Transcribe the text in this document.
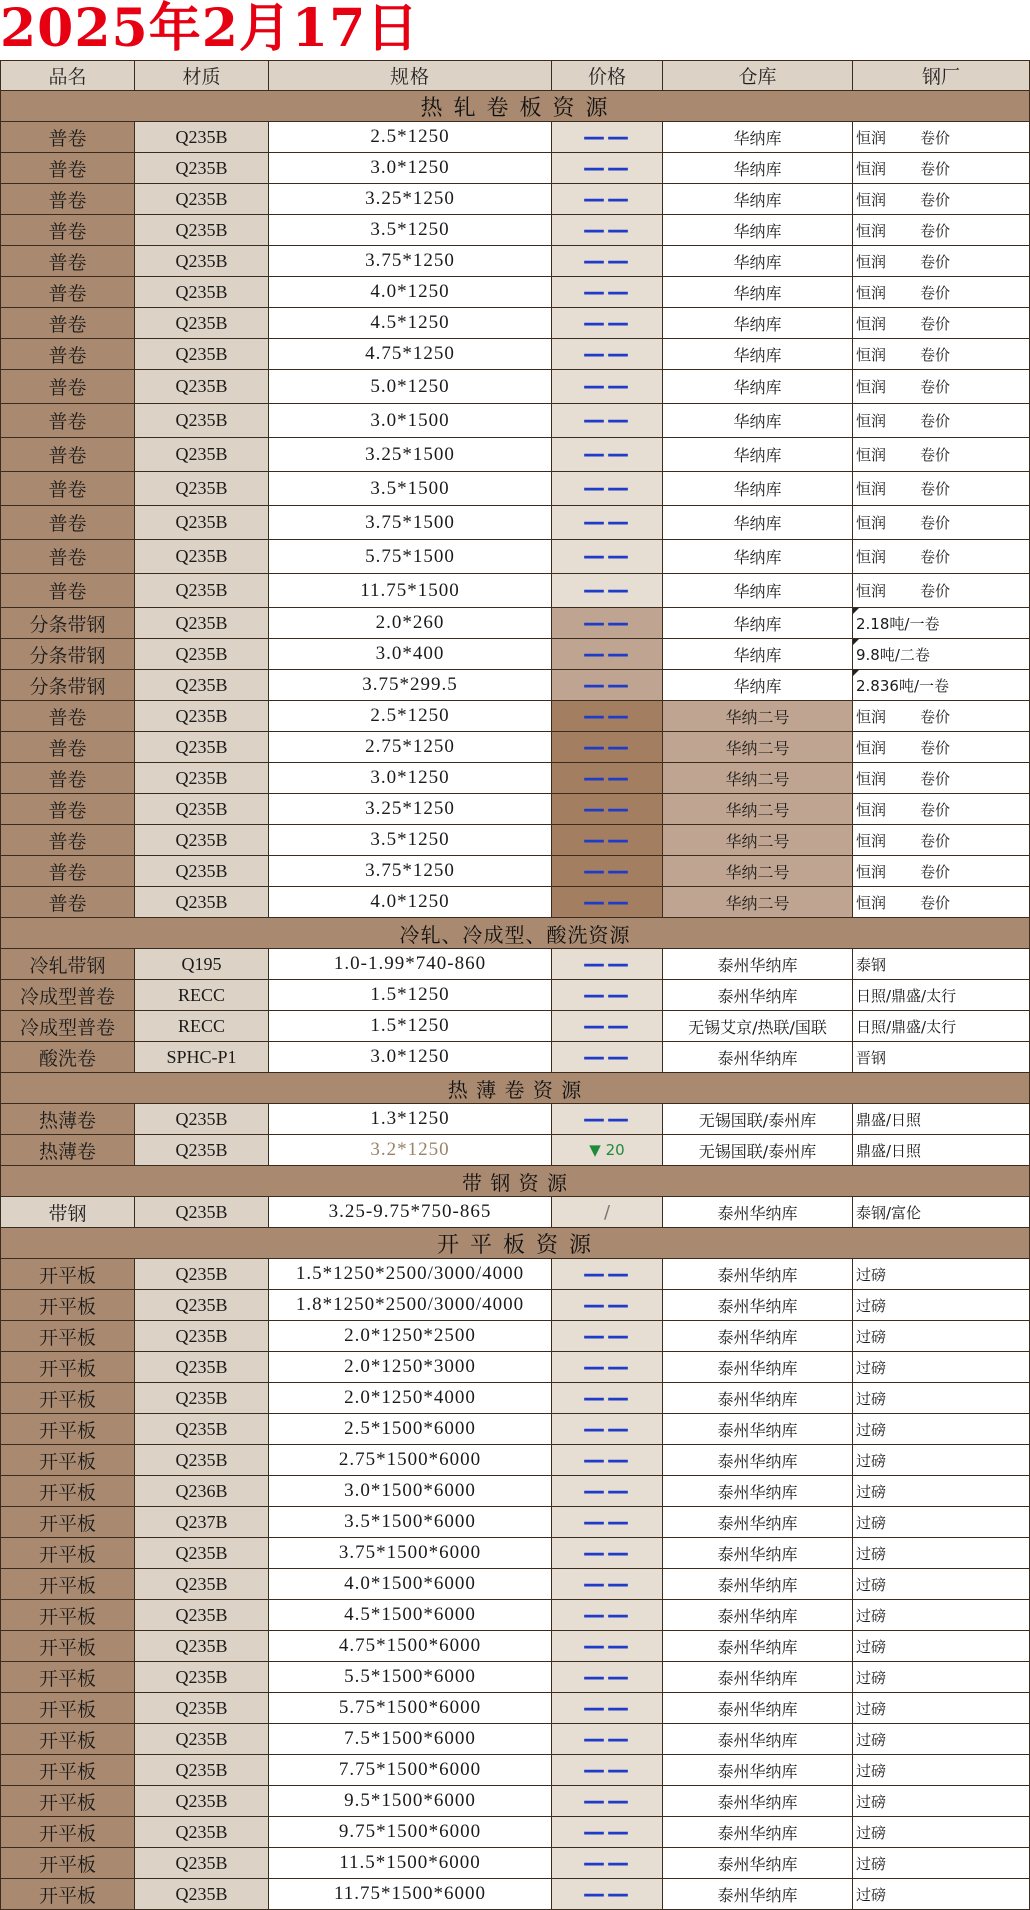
2025年2月17日
品名	材质	规格	价格	仓库	钢厂
热 轧 卷 板 资 源
普卷	Q235B	2.5*1250	——	华纳库	恒润	卷价
普卷	Q235B	3.0*1250	——	华纳库	恒润	卷价
普卷	Q235B	3.25*1250	——	华纳库	恒润	卷价
普卷	Q235B	3.5*1250	——	华纳库	恒润	卷价
普卷	Q235B	3.75*1250	——	华纳库	恒润	卷价
普卷	Q235B	4.0*1250	——	华纳库	恒润	卷价
普卷	Q235B	4.5*1250	——	华纳库	恒润	卷价
普卷	Q235B	4.75*1250	——	华纳库	恒润	卷价
普卷	Q235B	5.0*1250	——	华纳库	恒润	卷价
普卷	Q235B	3.0*1500	——	华纳库	恒润	卷价
普卷	Q235B	3.25*1500	——	华纳库	恒润	卷价
普卷	Q235B	3.5*1500	——	华纳库	恒润	卷价
普卷	Q235B	3.75*1500	——	华纳库	恒润	卷价
普卷	Q235B	5.75*1500	——	华纳库	恒润	卷价
普卷	Q235B	11.75*1500	——	华纳库	恒润	卷价
分条带钢	Q235B	2.0*260	——	华纳库	2.18吨/一卷
分条带钢	Q235B	3.0*400	——	华纳库	9.8吨/二卷
分条带钢	Q235B	3.75*299.5	——	华纳库	2.836吨/一卷
普卷	Q235B	2.5*1250	——	华纳二号	恒润	卷价
普卷	Q235B	2.75*1250	——	华纳二号	恒润	卷价
普卷	Q235B	3.0*1250	——	华纳二号	恒润	卷价
普卷	Q235B	3.25*1250	——	华纳二号	恒润	卷价
普卷	Q235B	3.5*1250	——	华纳二号	恒润	卷价
普卷	Q235B	3.75*1250	——	华纳二号	恒润	卷价
普卷	Q235B	4.0*1250	——	华纳二号	恒润	卷价
冷轧、冷成型、酸洗资源
冷轧带钢	Q195	1.0-1.99*740-860	——	泰州华纳库	泰钢
冷成型普卷	RECC	1.5*1250	——	泰州华纳库	日照/鼎盛/太行
冷成型普卷	RECC	1.5*1250	——	无锡艾京/热联/国联	日照/鼎盛/太行
酸洗卷	SPHC-P1	3.0*1250	——	泰州华纳库	晋钢
热 薄 卷 资 源
热薄卷	Q235B	1.3*1250	——	无锡国联/泰州库	鼎盛/日照
热薄卷	Q235B	3.2*1250	▼ 20	无锡国联/泰州库	鼎盛/日照
带 钢 资 源
带钢	Q235B	3.25-9.75*750-865	/	泰州华纳库	泰钢/富伦
开 平 板 资 源
开平板	Q235B	1.5*1250*2500/3000/4000	——	泰州华纳库	过磅
开平板	Q235B	1.8*1250*2500/3000/4000	——	泰州华纳库	过磅
开平板	Q235B	2.0*1250*2500	——	泰州华纳库	过磅
开平板	Q235B	2.0*1250*3000	——	泰州华纳库	过磅
开平板	Q235B	2.0*1250*4000	——	泰州华纳库	过磅
开平板	Q235B	2.5*1500*6000	——	泰州华纳库	过磅
开平板	Q235B	2.75*1500*6000	——	泰州华纳库	过磅
开平板	Q236B	3.0*1500*6000	——	泰州华纳库	过磅
开平板	Q237B	3.5*1500*6000	——	泰州华纳库	过磅
开平板	Q235B	3.75*1500*6000	——	泰州华纳库	过磅
开平板	Q235B	4.0*1500*6000	——	泰州华纳库	过磅
开平板	Q235B	4.5*1500*6000	——	泰州华纳库	过磅
开平板	Q235B	4.75*1500*6000	——	泰州华纳库	过磅
开平板	Q235B	5.5*1500*6000	——	泰州华纳库	过磅
开平板	Q235B	5.75*1500*6000	——	泰州华纳库	过磅
开平板	Q235B	7.5*1500*6000	——	泰州华纳库	过磅
开平板	Q235B	7.75*1500*6000	——	泰州华纳库	过磅
开平板	Q235B	9.5*1500*6000	——	泰州华纳库	过磅
开平板	Q235B	9.75*1500*6000	——	泰州华纳库	过磅
开平板	Q235B	11.5*1500*6000	——	泰州华纳库	过磅
开平板	Q235B	11.75*1500*6000	——	泰州华纳库	过磅
